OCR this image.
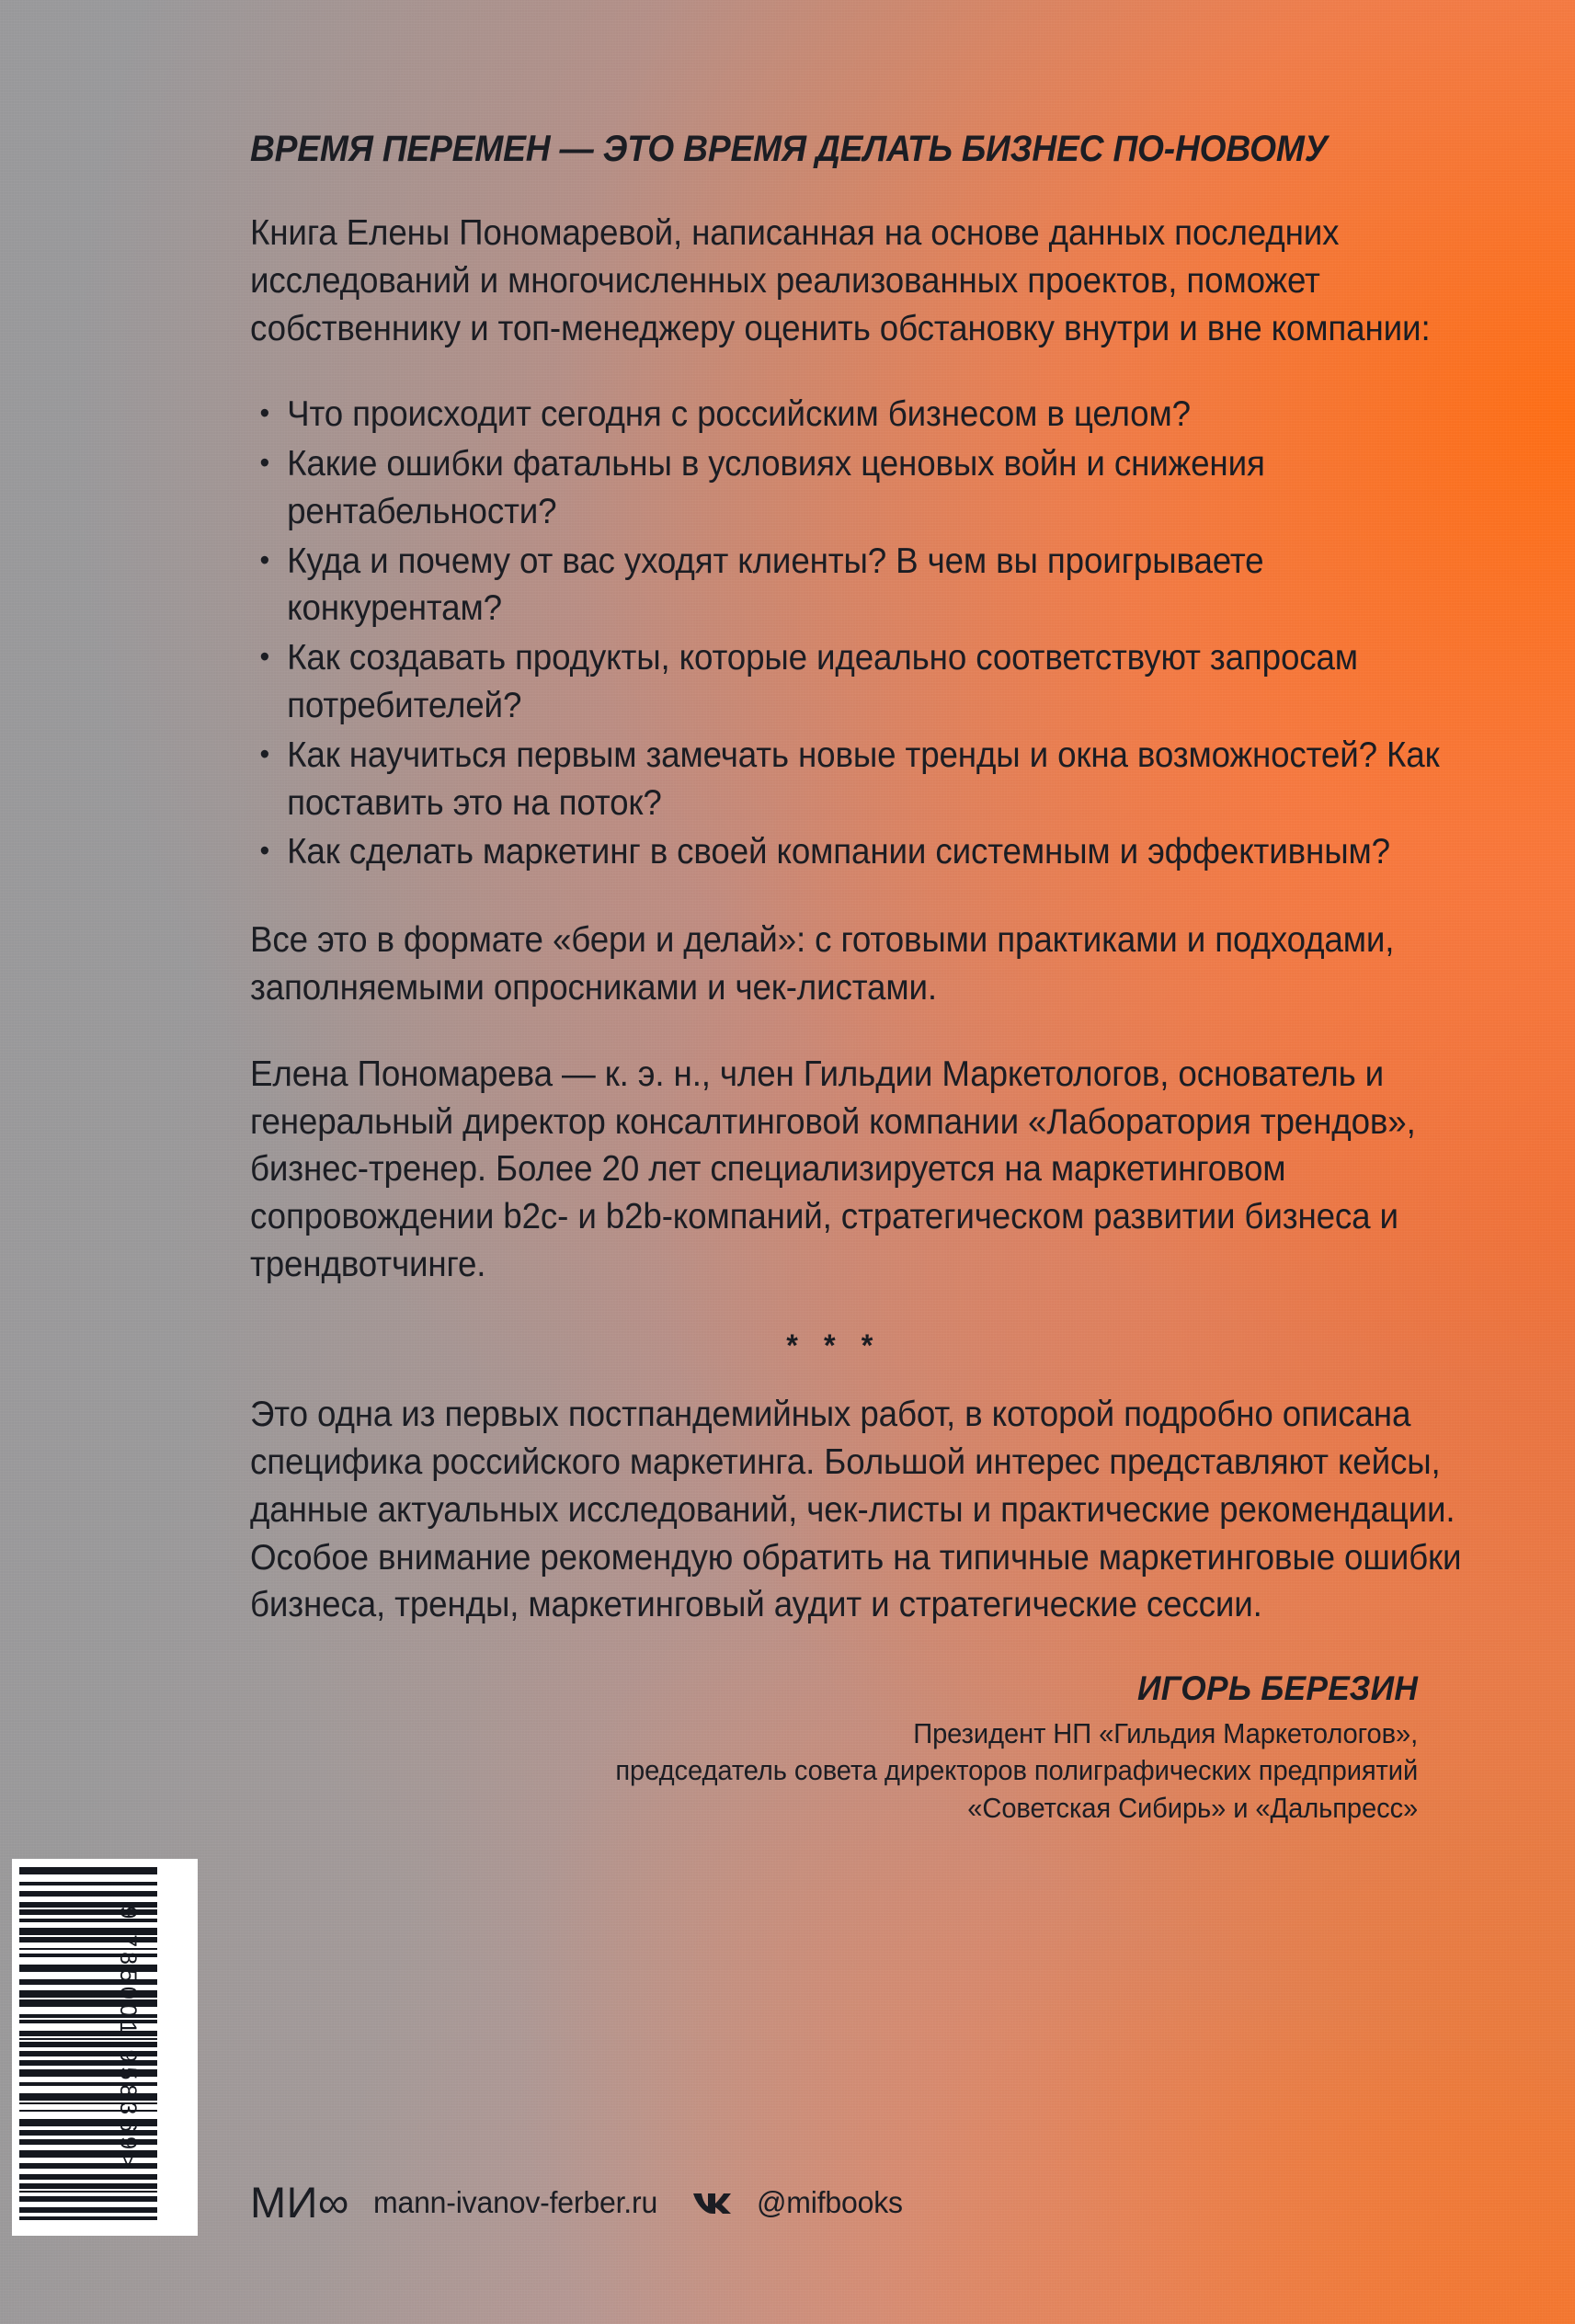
ВРЕМЯ ПЕРЕМЕН — ЭТО ВРЕМЯ ДЕЛАТЬ БИЗНЕС ПО-НОВОМУ

Книга Елены Пономаревой, написанная на основе данных последних исследований и многочисленных реализованных проектов, поможет собственнику и топ-менеджеру оценить обстановку внутри и вне компании:

• Что происходит сегодня с российским бизнесом в целом?
• Какие ошибки фатальны в условиях ценовых войн и снижения рентабельности?
• Куда и почему от вас уходят клиенты? В чем вы проигрываете конкурентам?
• Как создавать продукты, которые идеально соответствуют запросам потребителей?
• Как научиться первым замечать новые тренды и окна возможностей? Как поставить это на поток?
• Как сделать маркетинг в своей компании системным и эффективным?

Все это в формате «бери и делай»: с готовыми практиками и подходами, заполняемыми опросниками и чек-листами.

Елена Пономарева — к. э. н., член Гильдии Маркетологов, основатель и генеральный директор консалтинговой компании «Лаборатория трендов», бизнес-тренер. Более 20 лет специализируется на маркетинговом сопровождении b2c- и b2b-компаний, стратегическом развитии бизнеса и трендвотчинге.

* * *

Это одна из первых постпандемийных работ, в которой подробно описана специфика российского маркетинга. Большой интерес представляют кейсы, данные актуальных исследований, чек-листы и практические рекомендации. Особое внимание рекомендую обратить на типичные маркетинговые ошибки бизнеса, тренды, маркетинговый аудит и стратегические сессии.

ИГОРЬ БЕРЕЗИН
Президент НП «Гильдия Маркетологов»,
председатель совета директоров полиграфических предприятий
«Советская Сибирь» и «Дальпресс»
9 785001 958369>
МИ∞ mann-ivanov-ferber.ru	@mifbooks
